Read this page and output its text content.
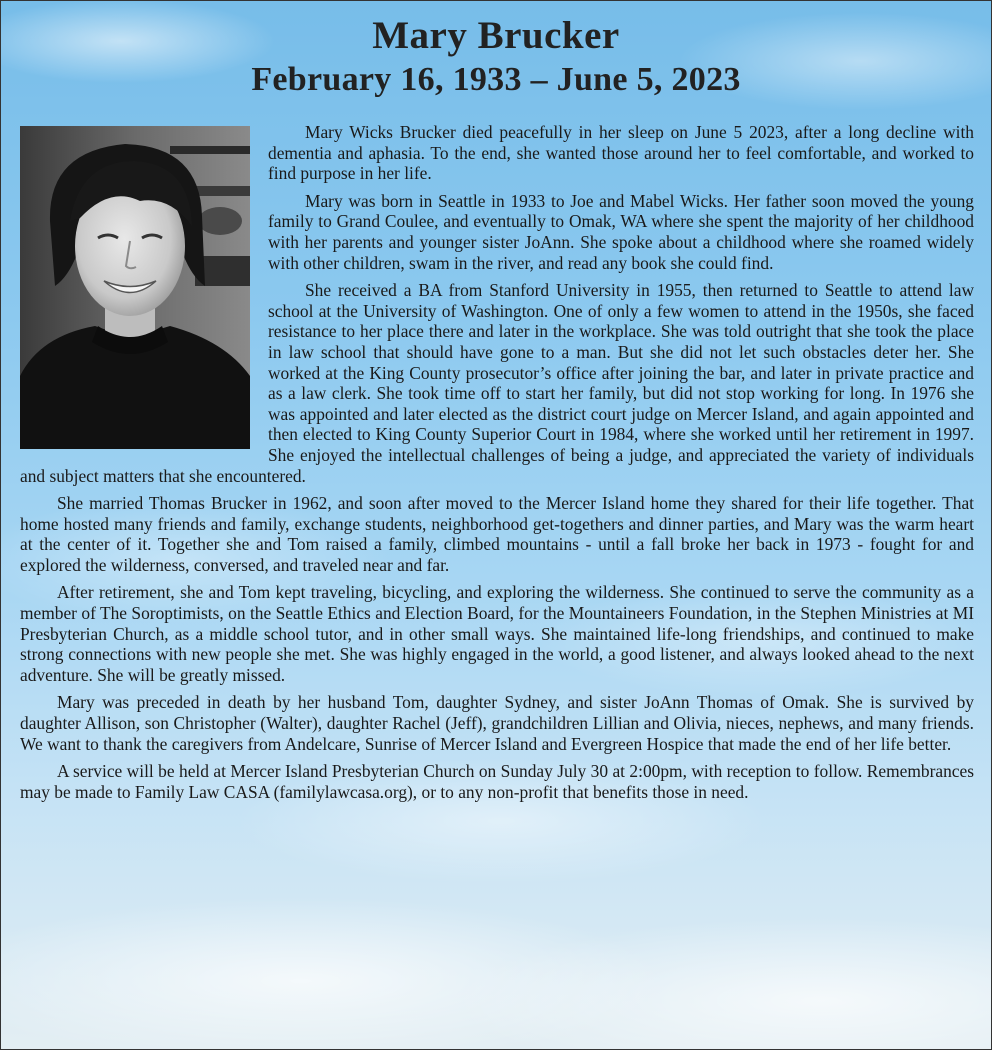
Mary Brucker
February 16, 1933 – June 5, 2023

Mary Wicks Brucker died peacefully in her sleep on June 5 2023, after a long decline with dementia and aphasia. To the end, she wanted those around her to feel comfortable, and worked to find purpose in her life.

Mary was born in Seattle in 1933 to Joe and Mabel Wicks. Her father soon moved the young family to Grand Coulee, and eventually to Omak, WA where she spent the majority of her childhood with her parents and younger sister JoAnn. She spoke about a childhood where she roamed widely with other children, swam in the river, and read any book she could find.

She received a BA from Stanford University in 1955, then returned to Seattle to attend law school at the University of Washington. One of only a few women to attend in the 1950s, she faced resistance to her place there and later in the workplace. She was told outright that she took the place in law school that should have gone to a man. But she did not let such obstacles deter her. She worked at the King County prosecutor’s office after joining the bar, and later in private practice and as a law clerk. She took time off to start her family, but did not stop working for long. In 1976 she was appointed and later elected as the district court judge on Mercer Island, and again appointed and then elected to King County Superior Court in 1984, where she worked until her retirement in 1997. She enjoyed the intellectual challenges of being a judge, and appreciated the variety of individuals and subject matters that she encountered.

She married Thomas Brucker in 1962, and soon after moved to the Mercer Island home they shared for their life together. That home hosted many friends and family, exchange students, neighborhood get-togethers and dinner parties, and Mary was the warm heart at the center of it. Together she and Tom raised a family, climbed mountains - until a fall broke her back in 1973 - fought for and explored the wilderness, conversed, and traveled near and far.

After retirement, she and Tom kept traveling, bicycling, and exploring the wilderness. She continued to serve the community as a member of The Soroptimists, on the Seattle Ethics and Election Board, for the Mountaineers Foundation, in the Stephen Ministries at MI Presbyterian Church, as a middle school tutor, and in other small ways. She maintained life-long friendships, and continued to make strong connections with new people she met. She was highly engaged in the world, a good listener, and always looked ahead to the next adventure. She will be greatly missed.

Mary was preceded in death by her husband Tom, daughter Sydney, and sister JoAnn Thomas of Omak. She is survived by daughter Allison, son Christopher (Walter), daughter Rachel (Jeff), grandchildren Lillian and Olivia, nieces, nephews, and many friends. We want to thank the caregivers from Andelcare, Sunrise of Mercer Island and Evergreen Hospice that made the end of her life better.

A service will be held at Mercer Island Presbyterian Church on Sunday July 30 at 2:00pm, with reception to follow. Remembrances may be made to Family Law CASA (familylawcasa.org), or to any non-profit that benefits those in need.
